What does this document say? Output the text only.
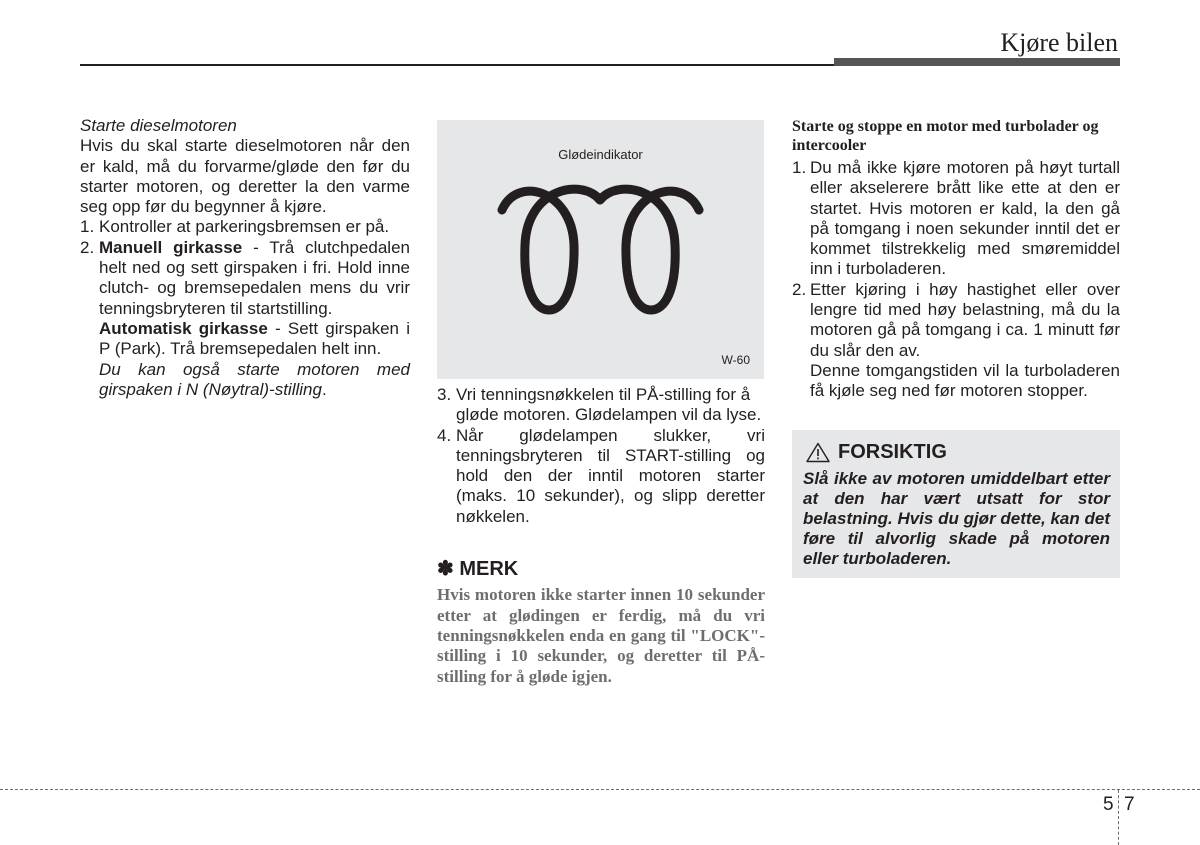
Kjøre bilen

Starte dieselmotoren

Hvis du skal starte dieselmotoren når den er kald, må du forvarme/gløde den før du starter motoren, og deretter la den varme seg opp før du begynner å kjøre.

1. Kontroller at parkeringsbremsen er på.
2. Manuell girkasse - Trå clutchpedalen helt ned og sett girspaken i fri. Hold inne clutch- og bremsepedalen mens du vrir tenningsbryteren til startstilling.
Automatisk girkasse - Sett girspaken i P (Park). Trå bremsepedalen helt inn.
Du kan også starte motoren med girspaken i N (Nøytral)-stilling.
Glødeindikator
W-60
3. Vri tenningsnøkkelen til PÅ-stilling for å gløde motoren. Glødelampen vil da lyse.
4. Når glødelampen slukker, vri tenningsbryteren til START-stilling og hold den der inntil motoren starter (maks. 10 sekunder), og slipp deretter nøkkelen.
✽ MERK
Hvis motoren ikke starter innen 10 sekunder etter at glødingen er ferdig, må du vri tenningsnøkkelen enda en gang til "LOCK"-stilling i 10 sekunder, og deretter til PÅ-stilling for å gløde igjen.
Starte og stoppe en motor med turbolader og intercooler
1. Du må ikke kjøre motoren på høyt turtall eller akselerere brått like ette at den er startet. Hvis motoren er kald, la den gå på tomgang i noen sekunder inntil det er kommet tilstrekkelig med smøremiddel inn i turboladeren.
2. Etter kjøring i høy hastighet eller over lengre tid med høy belastning, må du la motoren gå på tomgang i ca. 1 minutt før du slår den av.

Denne tomgangstiden vil la turboladeren få kjøle seg ned før motoren stopper.

FORSIKTIG
Slå ikke av motoren umiddelbart etter at den har vært utsatt for stor belastning. Hvis du gjør dette, kan det føre til alvorlig skade på motoren eller turboladeren.
5 7
